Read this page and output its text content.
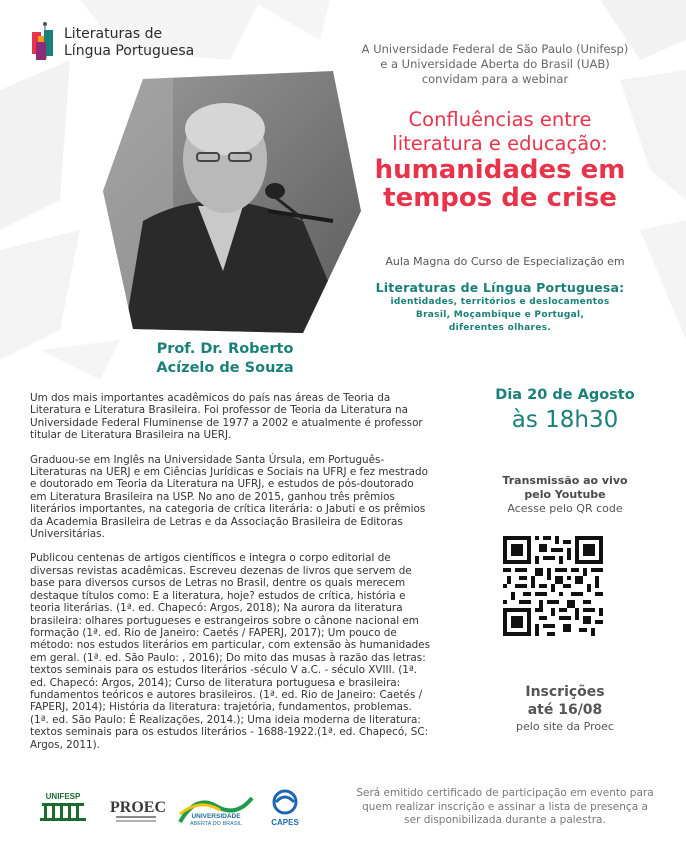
Literaturas de
Língua Portuguesa	A Universidade Federal de São Paulo (Unifesp)
e a Universidade Aberta do Brasil (UAB)
convidam para a webinar
Confluências entre
literatura e educação:
humanidades em
tempos de crise
Aula Magna do Curso de Especialização em
Literaturas de Língua Portuguesa:
identidades, territórios e deslocamentos
Brasil, Moçambique e Portugal,
diferentes olhares.
Prof. Dr. Roberto
Acízelo de Souza

Um dos mais importantes acadêmicos do país nas áreas de Teoria da Literatura e Literatura Brasileira. Foi professor de Teoria da Literatura na Universidade Federal Fluminense de 1977 a 2002 e atualmente é professor titular de Literatura Brasileira na UERJ.

Graduou-se em Inglês na Universidade Santa Úrsula, em Português-Literaturas na UERJ e em Ciências Jurídicas e Sociais na UFRJ e fez mestrado e doutorado em Teoria da Literatura na UFRJ, e estudos de pós-doutorado em Literatura Brasileira na USP. No ano de 2015, ganhou três prêmios literários importantes, na categoria de crítica literária: o Jabuti e os prêmios da Academia Brasileira de Letras e da Associação Brasileira de Editoras Universitárias.

Publicou centenas de artigos científicos e integra o corpo editorial de diversas revistas acadêmicas. Escreveu dezenas de livros que servem de base para diversos cursos de Letras no Brasil, dentre os quais merecem destaque títulos como: E a literatura, hoje? estudos de crítica, história e teoria literárias. (1ª. ed. Chapecó: Argos, 2018); Na aurora da literatura brasileira: olhares portugueses e estrangeiros sobre o cânone nacional em formação (1ª. ed. Rio de Janeiro: Caetés / FAPERJ, 2017); Um pouco de método: nos estudos literários em particular, com extensão às humanidades em geral. (1ª. ed. São Paulo: , 2016); Do mito das musas à razão das letras: textos seminais para os estudos literários -século V a.C. - século XVIII. (1ª. ed. Chapecó: Argos, 2014); Curso de literatura portuguesa e brasileira: fundamentos teóricos e autores brasileiros. (1ª. ed. Rio de Janeiro: Caetés / FAPERJ, 2014); História da literatura: trajetória, fundamentos, problemas. (1ª. ed. São Paulo: É Realizações, 2014.); Uma ideia moderna de literatura: textos seminais para os estudos literários - 1688-1922.(1ª. ed. Chapecó, SC: Argos, 2011).

Dia 20 de Agosto
às 18h30
Transmissão ao vivo
pelo Youtube
Acesse pelo QR code
Inscrições
até 16/08
pelo site da Proec
Será emitido certificado de participação em evento para
quem realizar inscrição e assinar a lista de presença a
ser disponibilizada durante a palestra.
UNIFESP
PROEC
UNIVERSIDADE
ABERTA DO BRASIL	CAPES
